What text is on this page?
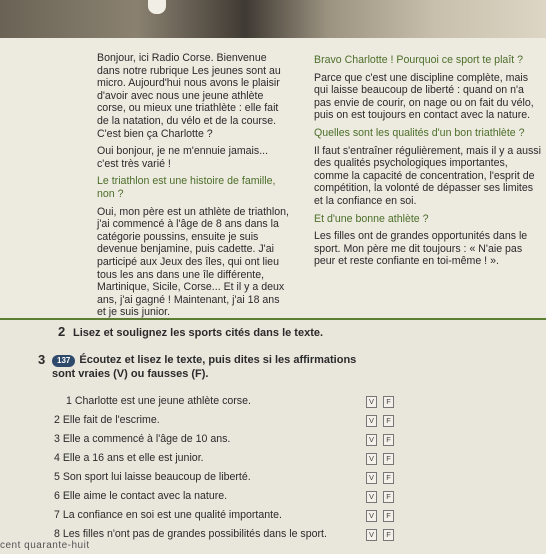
Bonjour, ici Radio Corse. Bienvenue dans notre rubrique Les jeunes sont au micro. Aujourd'hui nous avons le plaisir d'avoir avec nous une jeune athlète corse, ou mieux une triathlète : elle fait de la natation, du vélo et de la course. C'est bien ça Charlotte ?

Oui bonjour, je ne m'ennuie jamais... c'est très varié !

Le triathlon est une histoire de famille, non ?

Oui, mon père est un athlète de triathlon, j'ai commencé à l'âge de 8 ans dans la catégorie poussins, ensuite je suis devenue benjamine, puis cadette. J'ai participé aux Jeux des îles, qui ont lieu tous les ans dans une île différente, Martinique, Sicile, Corse... Et il y a deux ans, j'ai gagné ! Maintenant, j'ai 18 ans et je suis junior.

Bravo Charlotte ! Pourquoi ce sport te plaît ?

Parce que c'est une discipline complète, mais qui laisse beaucoup de liberté : quand on n'a pas envie de courir, on nage ou on fait du vélo, puis on est toujours en contact avec la nature.

Quelles sont les qualités d'un bon triathlète ?

Il faut s'entraîner régulièrement, mais il y a aussi des qualités psychologiques importantes, comme la capacité de concentration, l'esprit de compétition, la volonté de dépasser ses limites et la confiance en soi.

Et d'une bonne athlète ?

Les filles ont de grandes opportunités dans le sport. Mon père me dit toujours : « N'aie pas peur et reste confiante en toi-même ! ».

2 Lisez et soulignez les sports cités dans le texte.
3	137 Écoutez et lisez le texte, puis dites si les affirmations sont vraies (V) ou fausses (F).
1 Charlotte est une jeune athlète corse.	V	F
2 Elle fait de l'escrime.	V	F
3 Elle a commencé à l'âge de 10 ans.	V	F
4 Elle a 16 ans et elle est junior.	V	F
5 Son sport lui laisse beaucoup de liberté.	V	F
6 Elle aime le contact avec la nature.	V	F
7 La confiance en soi est une qualité importante.	V	F
8 Les filles n'ont pas de grandes possibilités dans le sport.	V	F
cent quarante-huit
